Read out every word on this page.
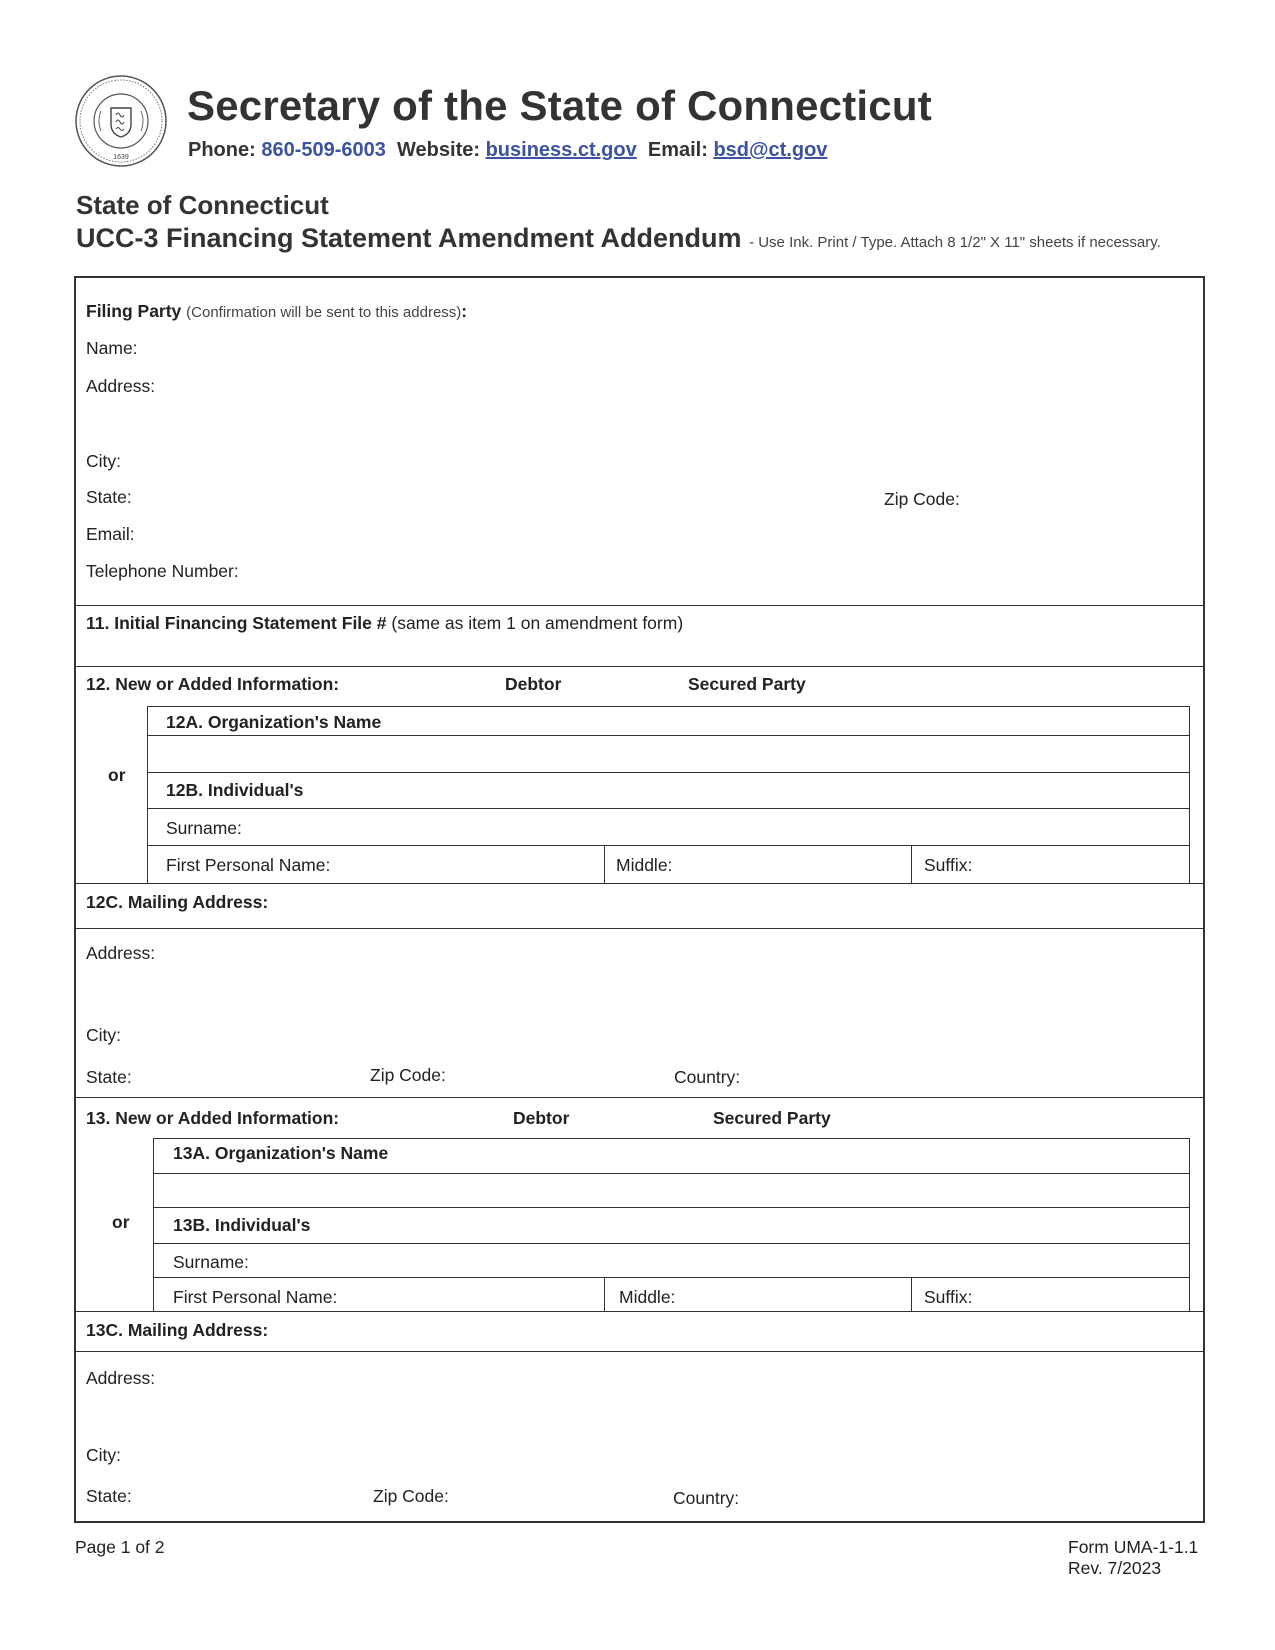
1639
Secretary of the State of Connecticut
Phone: 860-509-6003 Website: business.ct.gov Email: bsd@ct.gov
State of Connecticut
UCC-3 Financing Statement Amendment Addendum - Use Ink. Print / Type. Attach 8 1/2" X 11" sheets if necessary.
Filing Party (Confirmation will be sent to this address):
Name:
Address:
City:
State:	Zip Code:
Email:
Telephone Number:
11. Initial Financing Statement File # (same as item 1 on amendment form)
12. New or Added Information:	Debtor	Secured Party
12A. Organization's Name
or
12B. Individual's
Surname:
First Personal Name:	Middle:	Suffix:
12C. Mailing Address:
Address:
City:
State:	Zip Code:	Country:
13. New or Added Information:	Debtor	Secured Party
13A. Organization's Name
or 13B. Individual's
Surname:
First Personal Name:	Middle:	Suffix:
13C. Mailing Address:
Address:
City:
State:	Zip Code:	Country:
Page 1 of 2	Form UMA-1-1.1
Rev. 7/2023
